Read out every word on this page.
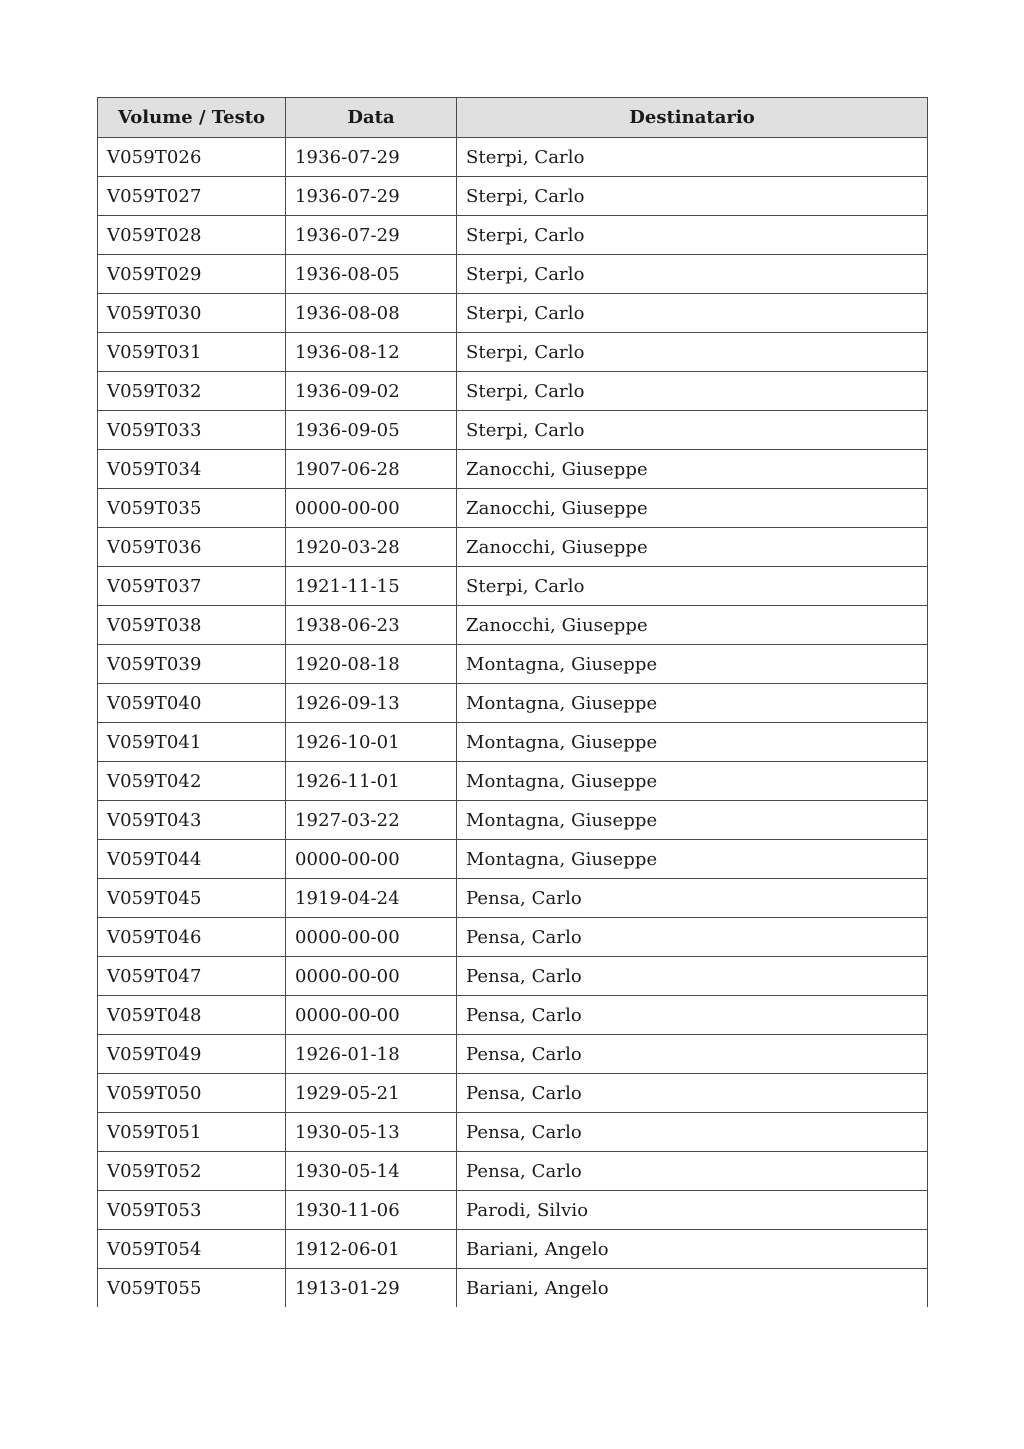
Volume / Testo	Data	Destinatario
V059T026	1936-07-29	Sterpi, Carlo
V059T027	1936-07-29	Sterpi, Carlo
V059T028	1936-07-29	Sterpi, Carlo
V059T029	1936-08-05	Sterpi, Carlo
V059T030	1936-08-08	Sterpi, Carlo
V059T031	1936-08-12	Sterpi, Carlo
V059T032	1936-09-02	Sterpi, Carlo
V059T033	1936-09-05	Sterpi, Carlo
V059T034	1907-06-28	Zanocchi, Giuseppe
V059T035	0000-00-00	Zanocchi, Giuseppe
V059T036	1920-03-28	Zanocchi, Giuseppe
V059T037	1921-11-15	Sterpi, Carlo
V059T038	1938-06-23	Zanocchi, Giuseppe
V059T039	1920-08-18	Montagna, Giuseppe
V059T040	1926-09-13	Montagna, Giuseppe
V059T041	1926-10-01	Montagna, Giuseppe
V059T042	1926-11-01	Montagna, Giuseppe
V059T043	1927-03-22	Montagna, Giuseppe
V059T044	0000-00-00	Montagna, Giuseppe
V059T045	1919-04-24	Pensa, Carlo
V059T046	0000-00-00	Pensa, Carlo
V059T047	0000-00-00	Pensa, Carlo
V059T048	0000-00-00	Pensa, Carlo
V059T049	1926-01-18	Pensa, Carlo
V059T050	1929-05-21	Pensa, Carlo
V059T051	1930-05-13	Pensa, Carlo
V059T052	1930-05-14	Pensa, Carlo
V059T053	1930-11-06	Parodi, Silvio
V059T054	1912-06-01	Bariani, Angelo
V059T055	1913-01-29	Bariani, Angelo
